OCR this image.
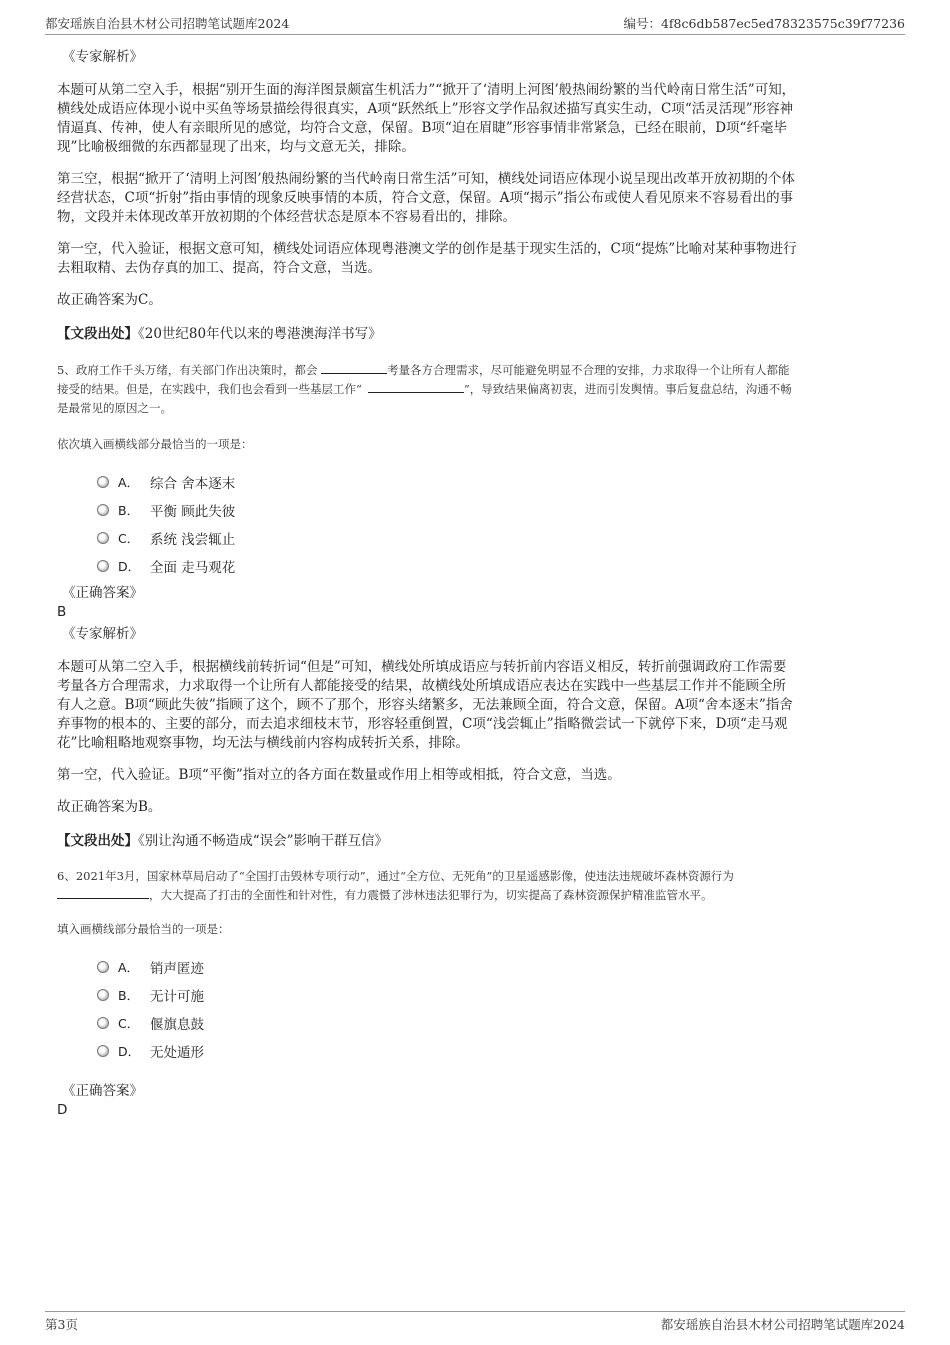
都安瑶族自治县木材公司招聘笔试题库2024	编号：4f8c6db587ec5ed78323575c39f77236
《专家解析》
本题可从第二空入手，根据“别开生面的海洋图景颇富生机活力”“掀开了‘清明上河图’般热闹纷繁的当代岭南日常生活”可知，
横线处成语应体现小说中买鱼等场景描绘得很真实，A项“跃然纸上”形容文学作品叙述描写真实生动，C项“活灵活现”形容神
情逼真、传神，使人有亲眼所见的感觉，均符合文意，保留。B项“迫在眉睫”形容事情非常紧急，已经在眼前，D项“纤毫毕
现”比喻极细微的东西都显现了出来，均与文意无关，排除。
第三空，根据“掀开了‘清明上河图’般热闹纷繁的当代岭南日常生活”可知，横线处词语应体现小说呈现出改革开放初期的个体
经营状态，C项“折射”指由事情的现象反映事情的本质，符合文意，保留。A项“揭示”指公布或使人看见原来不容易看出的事
物，文段并未体现改革开放初期的个体经营状态是原本不容易看出的，排除。
第一空，代入验证，根据文意可知，横线处词语应体现粤港澳文学的创作是基于现实生活的，C项“提炼”比喻对某种事物进行
去粗取精、去伪存真的加工、提高，符合文意，当选。
故正确答案为C。
【文段出处】《20世纪80年代以来的粤港澳海洋书写》
5、政府工作千头万绪，有关部门作出决策时，都会	考量各方合理需求，尽可能避免明显不合理的安排，力求取得一个让所有人都能
接受的结果。但是，在实践中，我们也会看到一些基层工作“	”，导致结果偏离初衷，进而引发舆情。事后复盘总结，沟通不畅
是最常见的原因之一。
依次填入画横线部分最恰当的一项是：
A． 综合 舍本逐末
B． 平衡 顾此失彼
C． 系统 浅尝辄止
D． 全面 走马观花
《正确答案》
B
《专家解析》
本题可从第二空入手，根据横线前转折词“但是”可知，横线处所填成语应与转折前内容语义相反，转折前强调政府工作需要
考量各方合理需求，力求取得一个让所有人都能接受的结果，故横线处所填成语应表达在实践中一些基层工作并不能顾全所
有人之意。B项“顾此失彼”指顾了这个，顾不了那个，形容头绪繁多，无法兼顾全面，符合文意，保留。A项“舍本逐末”指舍
弃事物的根本的、主要的部分，而去追求细枝末节，形容轻重倒置，C项“浅尝辄止”指略微尝试一下就停下来，D项“走马观
花”比喻粗略地观察事物，均无法与横线前内容构成转折关系，排除。
第一空，代入验证。B项“平衡”指对立的各方面在数量或作用上相等或相抵，符合文意，当选。
故正确答案为B。
【文段出处】《别让沟通不畅造成“误会”影响干群互信》
6、2021年3月，国家林草局启动了“全国打击毁林专项行动”，通过“全方位、无死角”的卫星遥感影像，使违法违规破坏森林资源行为
，大大提高了打击的全面性和针对性，有力震慑了涉林违法犯罪行为，切实提高了森林资源保护精准监管水平。
填入画横线部分最恰当的一项是：
A． 销声匿迹
B． 无计可施
C． 偃旗息鼓
D． 无处遁形
《正确答案》
D
第3页	都安瑶族自治县木材公司招聘笔试题库2024
